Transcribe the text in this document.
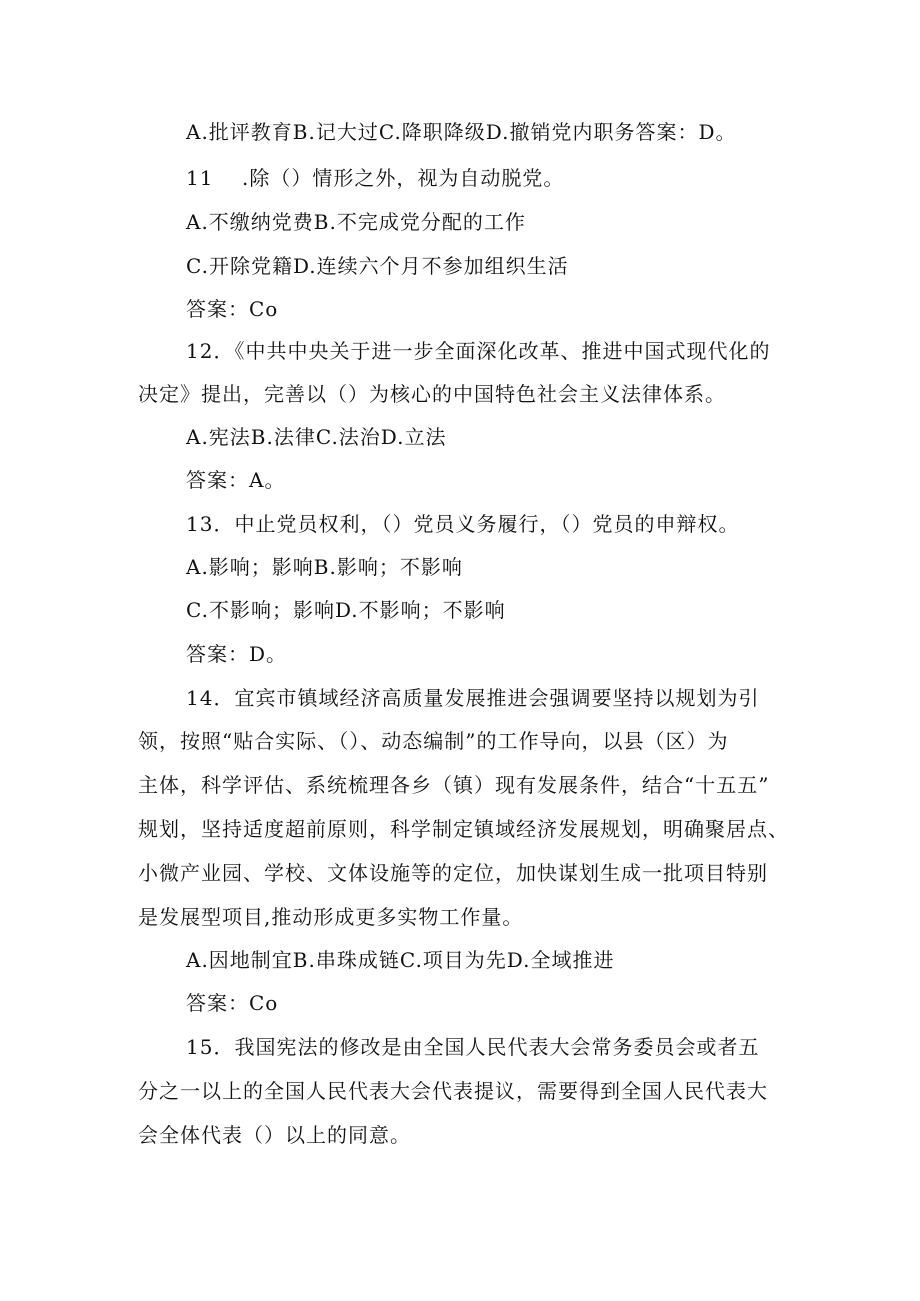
A.批评教育B.记大过C.降职降级D.撤销党内职务答案：D。
11 .除（）情形之外，视为自动脱党。
A.不缴纳党费B.不完成党分配的工作
C.开除党籍D.连续六个月不参加组织生活
答案：Co
12．《中共中央关于进一步全面深化改革、推进中国式现代化的
决定》提出，完善以（）为核心的中国特色社会主义法律体系。
A.宪法B.法律C.法治D.立法
答案：A。
13．中止党员权利，（）党员义务履行，（）党员的申辩权。
A.影响；影响B.影响；不影响
C.不影响；影响D.不影响；不影响
答案：D。
14．宜宾市镇域经济高质量发展推进会强调要坚持以规划为引
领，按照“贴合实际、（）、动态编制”的工作导向，以县（区）为
主体，科学评估、系统梳理各乡（镇）现有发展条件，结合“十五五”
规划，坚持适度超前原则，科学制定镇域经济发展规划，明确聚居点、
小微产业园、学校、文体设施等的定位，加快谋划生成一批项目特别
是发展型项目,推动形成更多实物工作量。
A.因地制宜B.串珠成链C.项目为先D.全域推进
答案：Co
15．我国宪法的修改是由全国人民代表大会常务委员会或者五
分之一以上的全国人民代表大会代表提议，需要得到全国人民代表大
会全体代表（）以上的同意。
